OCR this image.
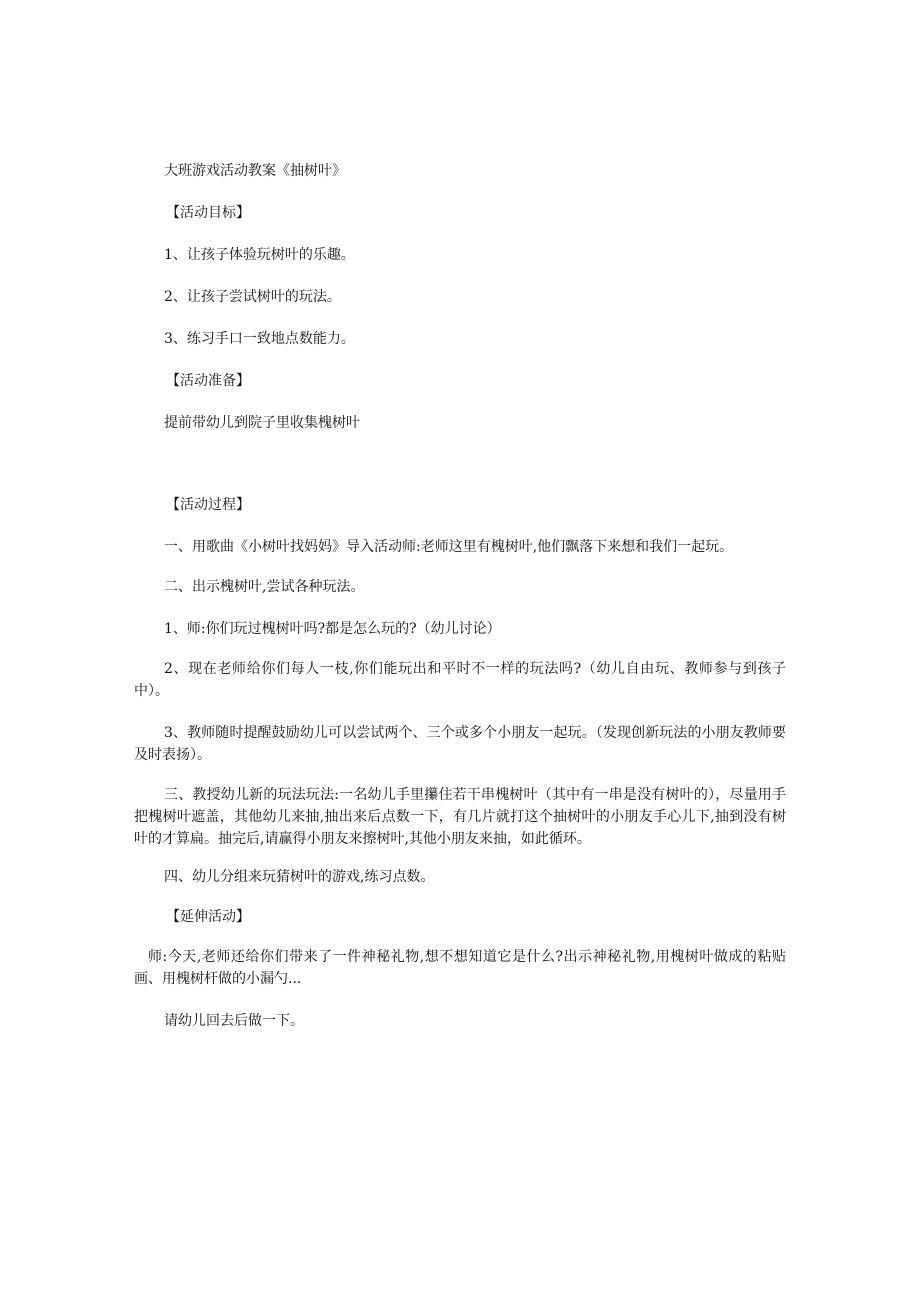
大班游戏活动教案《抽树叶》

【活动目标】

1、让孩子体验玩树叶的乐趣。

2、让孩子尝试树叶的玩法。

3、练习手口一致地点数能力。

【活动准备】

提前带幼儿到院子里收集槐树叶

【活动过程】

一、用歌曲《小树叶找妈妈》导入活动师:老师这里有槐树叶,他们飘落下来想和我们一起玩。

二、出示槐树叶,尝试各种玩法。

1、师:你们玩过槐树叶吗?都是怎么玩的?（幼儿讨论）

2、现在老师给你们每人一枝,你们能玩出和平时不一样的玩法吗?（幼儿自由玩、教师参与到孩子中）。

3、教师随时提醒鼓励幼儿可以尝试两个、三个或多个小朋友一起玩。（发现创新玩法的小朋友教师要及时表扬）。

三、教授幼儿新的玩法玩法:一名幼儿手里攥住若干串槐树叶（其中有一串是没有树叶的），尽量用手把槐树叶遮盖，其他幼儿来抽,抽出来后点数一下，有几片就打这个抽树叶的小朋友手心儿下,抽到没有树叶的才算扁。抽完后,请赢得小朋友来擦树叶,其他小朋友来抽，如此循环。

四、幼儿分组来玩猜树叶的游戏,练习点数。

【延伸活动】

师:今天,老师还给你们带来了一件神秘礼物,想不想知道它是什么?出示神秘礼物,用槐树叶做成的粘贴画、用槐树杆做的小漏勺...

请幼儿回去后做一下。
